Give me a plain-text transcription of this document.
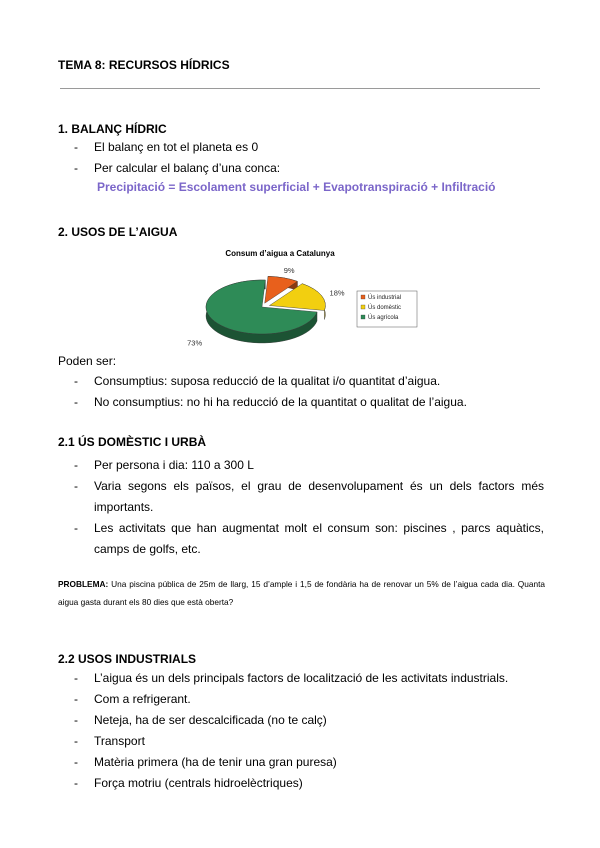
TEMA 8: RECURSOS HÍDRICS
1. BALANÇ HÍDRIC
- El balanç en tot el planeta es 0
- Per calcular el balanç d’una conca:
Precipitació = Escolament superficial + Evapotranspiració + Infiltració
2. USOS DE L’AIGUA
Consum d’aigua a Catalunya
9%
18%
73%
Ús industrial
Ús domèstic
Ús agrícola
Poden ser:
- Consumptius: suposa reducció de la qualitat i/o quantitat d’aigua.
- No consumptius: no hi ha reducció de la quantitat o qualitat de l’aigua.
2.1 ÚS DOMÈSTIC I URBÀ
- Per persona i dia: 110 a 300 L
- Varia segons els països, el grau de desenvolupament és un dels factors més importants.
- Les activitats que han augmentat molt el consum son: piscines , parcs aquàtics, camps de golfs, etc.
PROBLEMA: Una piscina pública de 25m de llarg, 15 d’ample i 1,5 de fondària ha de renovar un 5% de l’aigua cada dia. Quanta aigua gasta durant els 80 dies que està oberta?
2.2 USOS INDUSTRIALS
- L’aigua és un dels principals factors de localització de les activitats industrials.
- Com a refrigerant.
- Neteja, ha de ser descalcificada (no te calç)
- Transport
- Matèria primera (ha de tenir una gran puresa)
- Força motriu (centrals hidroelèctriques)
